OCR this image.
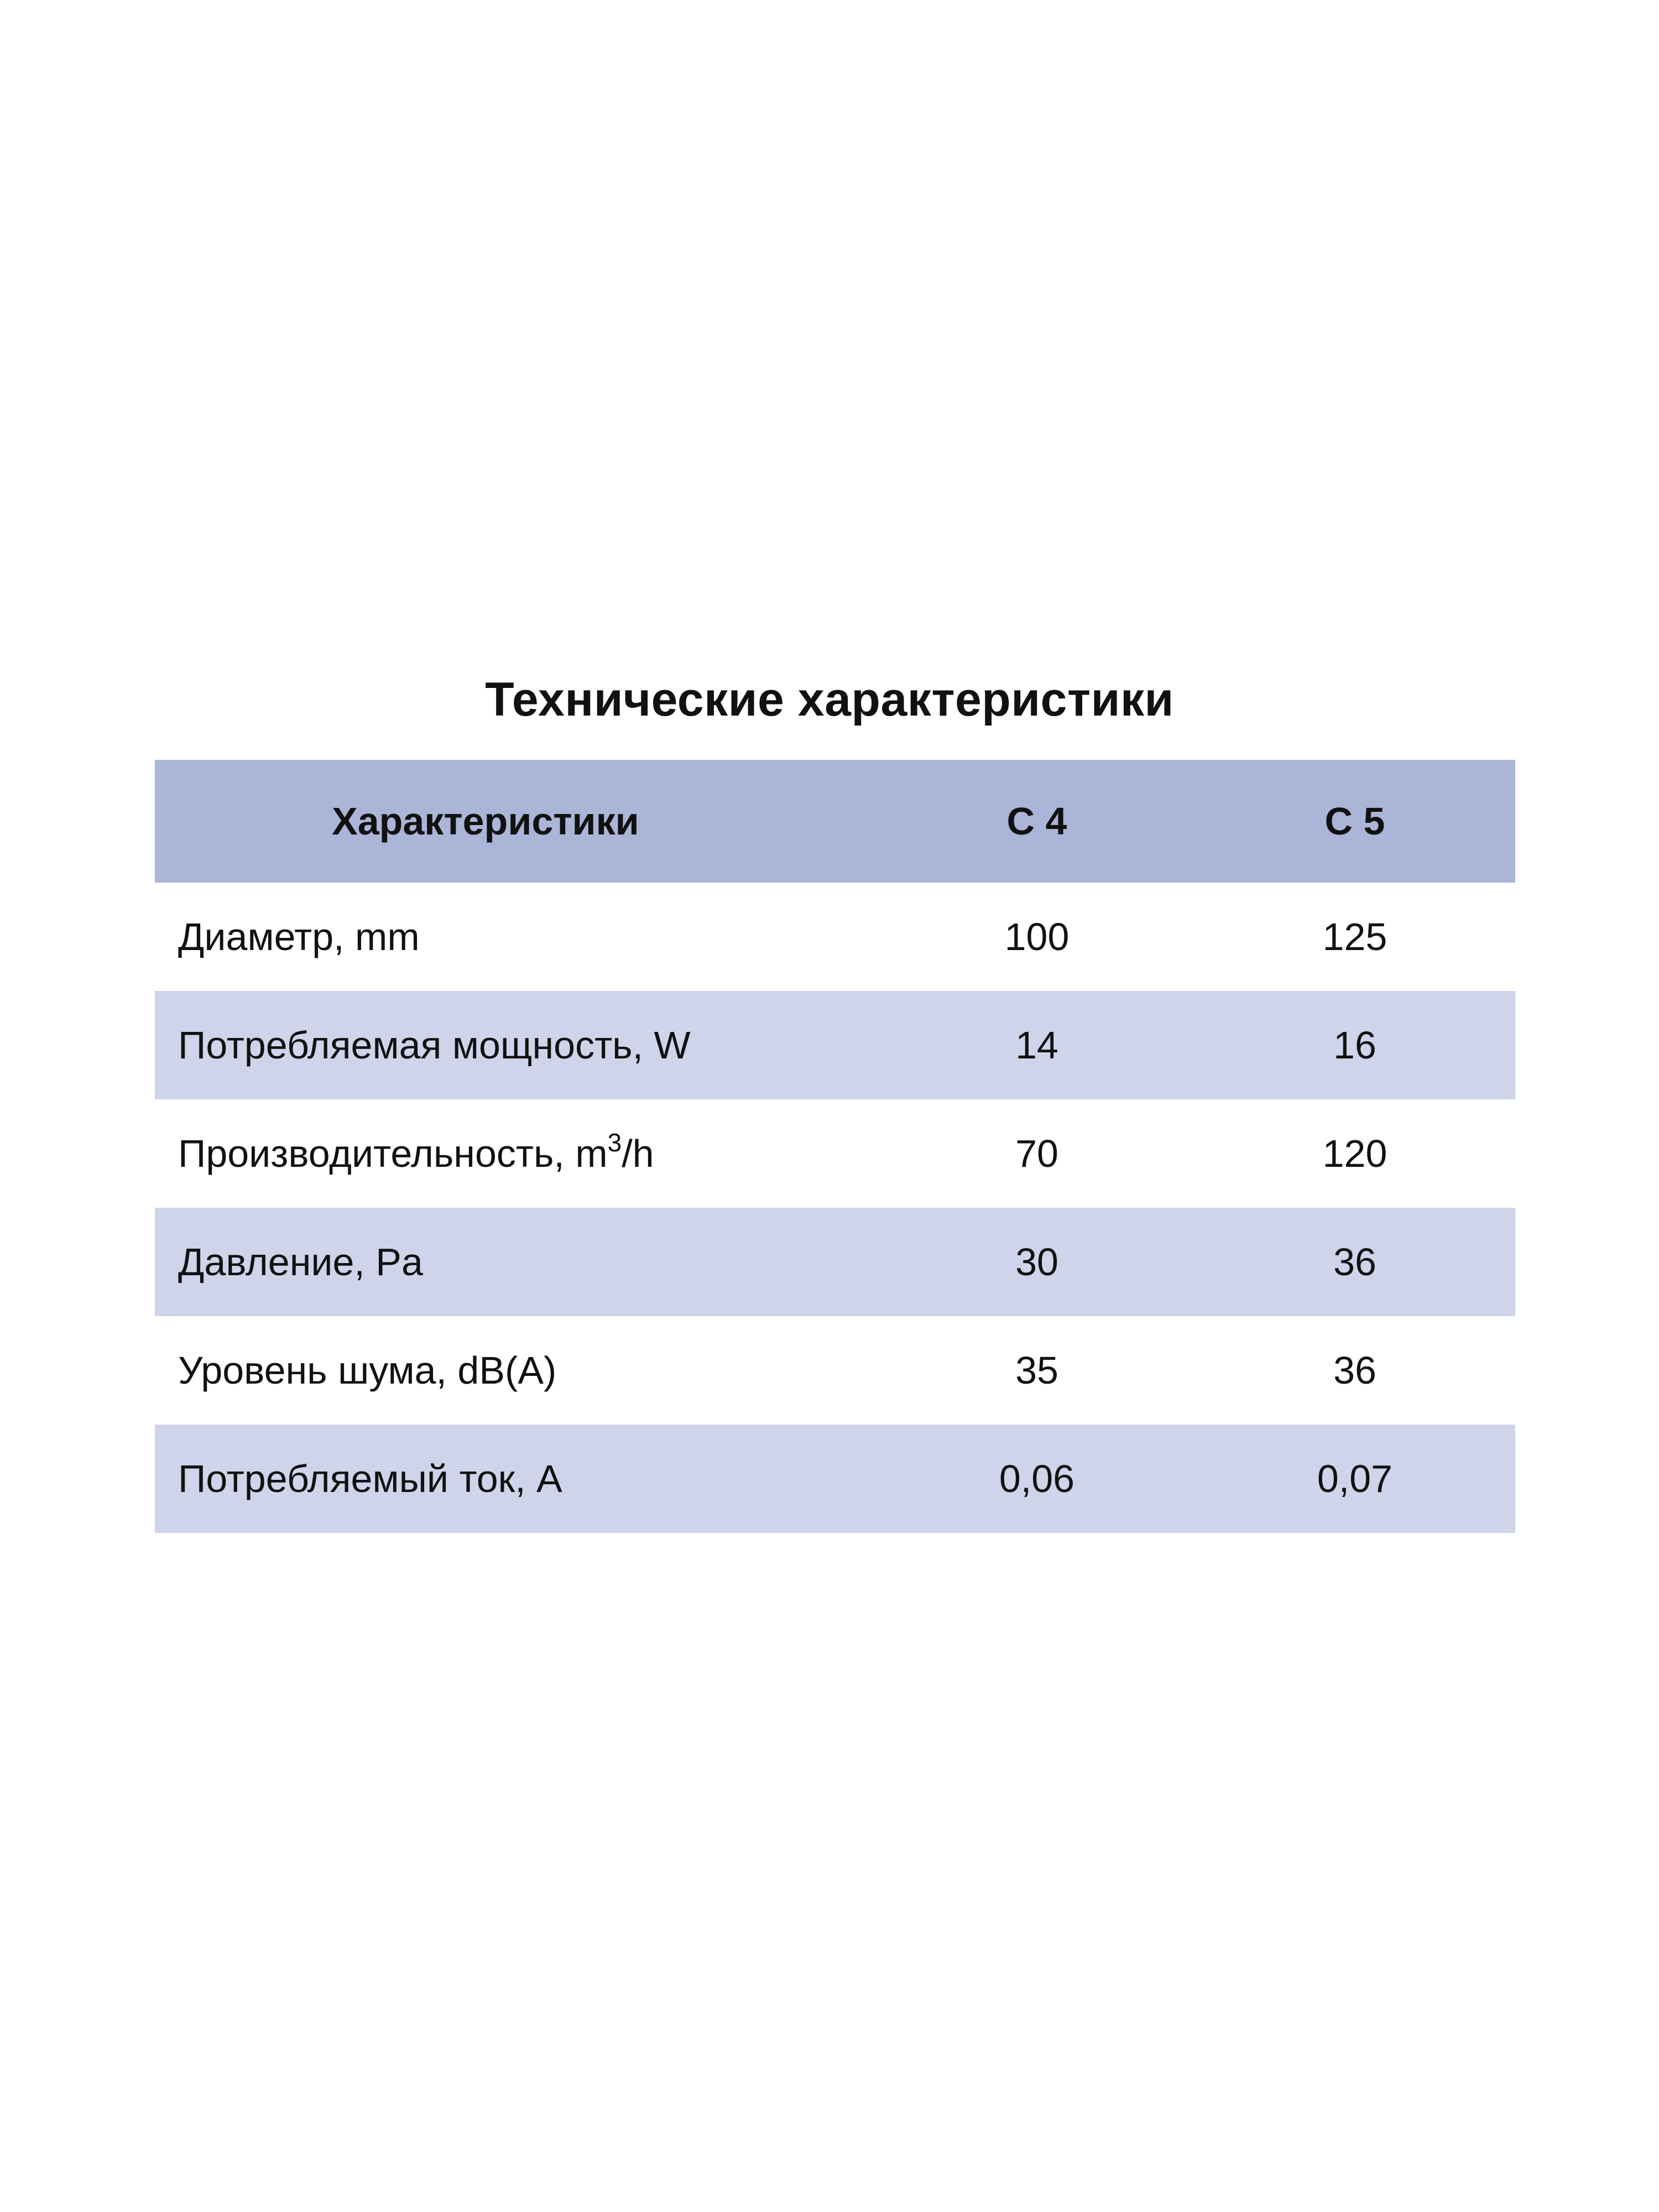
Технические характеристики
Характеристики	С 4	С 5
Диаметр, mm	100	125
Потребляемая мощность, W	14	16
Производительность, $m^3/h$	70	120
Давление, Pa	30	36
Уровень шума, dB(A)	35	36
Потребляемый ток, A	0,06	0,07
